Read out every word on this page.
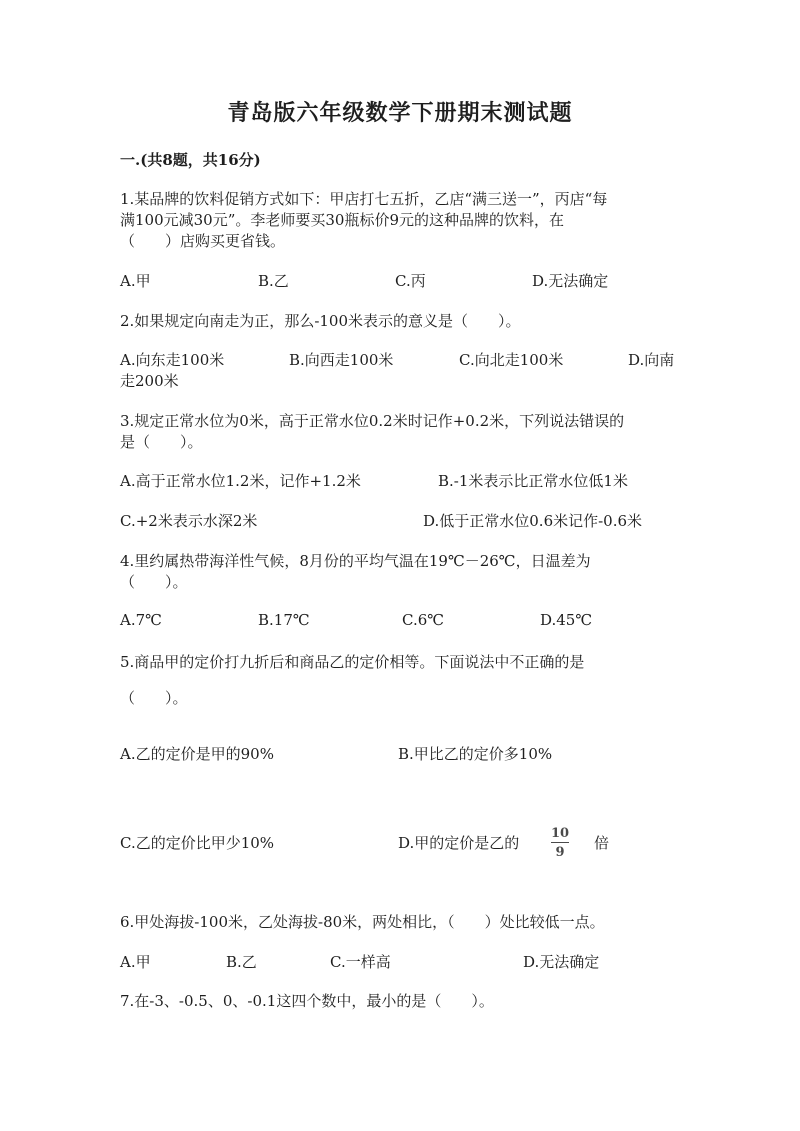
青岛版六年级数学下册期末测试题
一.(共8题，共16分)
1.某品牌的饮料促销方式如下：甲店打七五折，乙店“满三送一”，丙店“每
满100元减30元”。李老师要买30瓶标价9元的这种品牌的饮料，在
（　　）店购买更省钱。
A.甲	B.乙	C.丙	D.无法确定
2.如果规定向南走为正，那么-100米表示的意义是（　　）。
A.向东走100米	B.向西走100米	C.向北走100米	D.向南
走200米
3.规定正常水位为0米，高于正常水位0.2米时记作+0.2米，下列说法错误的
是（　　）。
A.高于正常水位1.2米，记作+1.2米	B.-1米表示比正常水位低1米
C.+2米表示水深2米	D.低于正常水位0.6米记作-0.6米
4.里约属热带海洋性气候，8月份的平均气温在19℃－26℃，日温差为
（　　）。
A.7℃	B.17℃	C.6℃	D.45℃
5.商品甲的定价打九折后和商品乙的定价相等。下面说法中不正确的是
（　　）。
A.乙的定价是甲的90%	B.甲比乙的定价多10%
C.乙的定价比甲少10%	D.甲的定价是乙的
10
9
倍
6.甲处海拔-100米，乙处海拔-80米，两处相比，（　　）处比较低一点。
A.甲	B.乙	C.一样高	D.无法确定
7.在-3、-0.5、0、-0.1这四个数中，最小的是（　　）。
